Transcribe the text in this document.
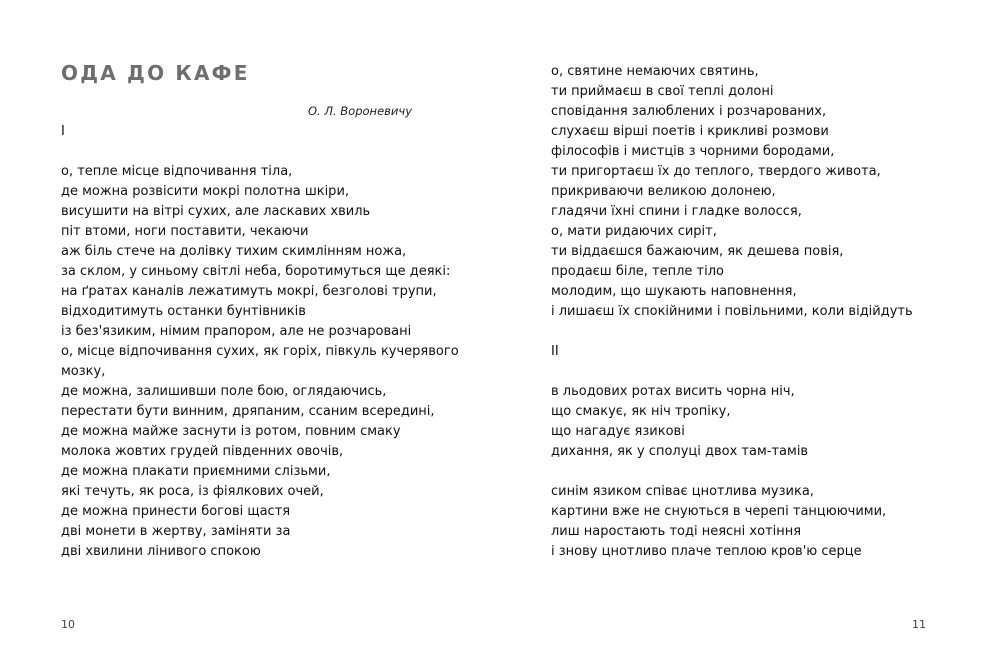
ОДА ДО КАФЕ
О. Л. Вороневичу
I
о, тепле місце відпочивання тіла,
де можна розвісити мокрі полотна шкіри,
висушити на вітрі сухих, але ласкавих хвиль
піт втоми, ноги поставити, чекаючи
аж біль стече на долівку тихим скимлінням ножа,
за склом, у синьому світлі неба, боротимуться ще деякі:
на ґратах каналів лежатимуть мокрі, безголові трупи,
відходитимуть останки бунтівників
із без'язиким, німим прапором, але не розчаровані
о, місце відпочивання сухих, як горіх, півкуль кучерявого
мозку,
де можна, залишивши поле бою, оглядаючись,
перестати бути винним, дряпаним, ссаним всередині,
де можна майже заснути із ротом, повним смаку
молока жовтих грудей південних овочів,
де можна плакати приємними слізьми,
які течуть, як роса, із фіялкових очей,
де можна принести богові щастя
дві монети в жертву, заміняти за
дві хвилини лінивого спокою
10
о, святине немаючих святинь,
ти приймаєш в свої теплі долоні
сповідання залюблених і розчарованих,
слухаєш вірші поетів і крикливі розмови
філософів і мистців з чорними бородами,
ти пригортаєш їх до теплого, твердого живота,
прикриваючи великою долонею,
гладячи їхні спини і гладке волосся,
о, мати ридаючих сиріт,
ти віддаєшся бажаючим, як дешева повія,
продаєш біле, тепле тіло
молодим, що шукають наповнення,
і лишаєш їх спокійними і повільними, коли відійдуть
II
в льодових ротах висить чорна ніч,
що смакує, як ніч тропіку,
що нагадує язикові
дихання, як у сполуці двох там-тамів
синім язиком співає цнотлива музика,
картини вже не снуються в черепі танцюючими,
лиш наростають тоді неясні хотіння
і знову цнотливо плаче теплою кров'ю серце
11
